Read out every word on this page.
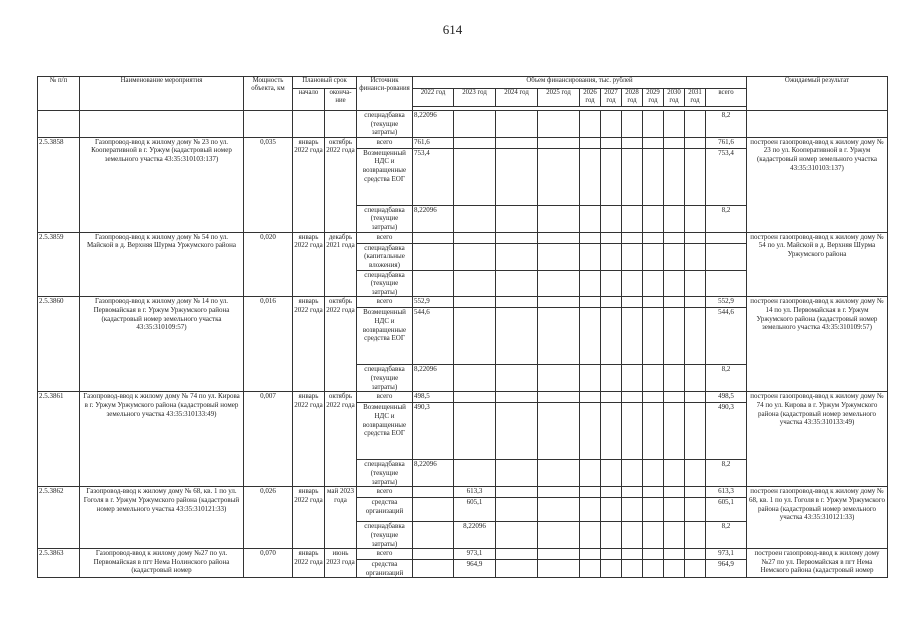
614
№ п/п	Наименование мероприятия	Мощность объекта, км	Плановый срок		Источник финанси-рования	Объем финансирования, тыс. рублей											Ожидаемый результат
			начало	оконча-ние		2022 год	2023 год	2024 год	2025 год	2026 год	2027 год	2028 год	2029 год	2030 год	2031 год	всего	

					спецнадбавка (текущие затраты)	8,22096										8,2	
2.5.3858	Газопровод-ввод к жилому дому № 23 по ул. Кооперативной в г. Уржум (кадастровый номер земельного участка 43:35:310103:137)	0,035	январь 2022 года	октябрь 2022 года	всего	761,6										761,6	построен газопровод-ввод к жилому дому № 23 по ул. Кооперативной в г. Уржум (кадастровый номер земельного участка 43:35:310103:137)
					Возмещенный НДС и возвращенные средства ЕОГ	753,4										753,4	
					спецнадбавка (текущие затраты)	8,22096										8,2	
2.5.3859	Газопровод-ввод к жилому дому № 54 по ул. Майской в д. Верхняя Шурма Уржумского района	0,020	январь 2022 года	декабрь 2021 года	всего												построен газопровод-ввод к жилому дому № 54 по ул. Майской в д. Верхняя Шурма Уржумского района
					спецнадбавка (капитальные вложения)												
					спецнадбавка (текущие затраты)												
2.5.3860	Газопровод-ввод к жилому дому № 14 по ул. Первомайская в г. Уржум Уржумского района (кадастровый номер земельного участка 43:35:310109:57)	0,016	январь 2022 года	октябрь 2022 года	всего	552,9										552,9	построен газопровод-ввод к жилому дому № 14 по ул. Первомайская в г. Уржум Уржумского района (кадастровый номер земельного участка 43:35:310109:57)
					Возмещенный НДС и возвращенные средства ЕОГ	544,6										544,6	
					спецнадбавка (текущие затраты)	8,22096										8,2	
2.5.3861	Газопровод-ввод к жилому дому № 74 по ул. Кирова в г. Уржум Уржумского района (кадастровый номер земельного участка 43:35:310133:49)	0,007	январь 2022 года	октябрь 2022 года	всего	498,5										498,5	построен газопровод-ввод к жилому дому № 74 по ул. Кирова в г. Уржум Уржумского района (кадастровый номер земельного участка 43:35:310133:49)
					Возмещенный НДС и возвращенные средства ЕОГ	490,3										490,3	
					спецнадбавка (текущие затраты)	8,22096										8,2	
2.5.3862	Газопровод-ввод к жилому дому № 68, кв. 1 по ул. Гоголя в г. Уржум Уржумского района (кадастровый номер земельного участка 43:35:310121:33)	0,026	январь 2022 года	май 2023 года	всего		613,3									613,3	построен газопровод-ввод к жилому дому № 68, кв. 1 по ул. Гоголя в г. Уржум Уржумского района (кадастровый номер земельного участка 43:35:310121:33)
					средства организаций		605,1									605,1	
					спецнадбавка (текущие затраты)		8,22096									8,2	
2.5.3863	Газопровод-ввод к жилому дому №27 по ул. Первомайская в пгт Нема Нолинского района (кадастровый номер	0,070	январь 2022 года	июнь 2023 года	всего		973,1									973,1	построен газопровод-ввод к жилому дому №27 по ул. Первомайская в пгт Нема Немского района (кадастровый номер
					средства организаций		964,9									964,9	
